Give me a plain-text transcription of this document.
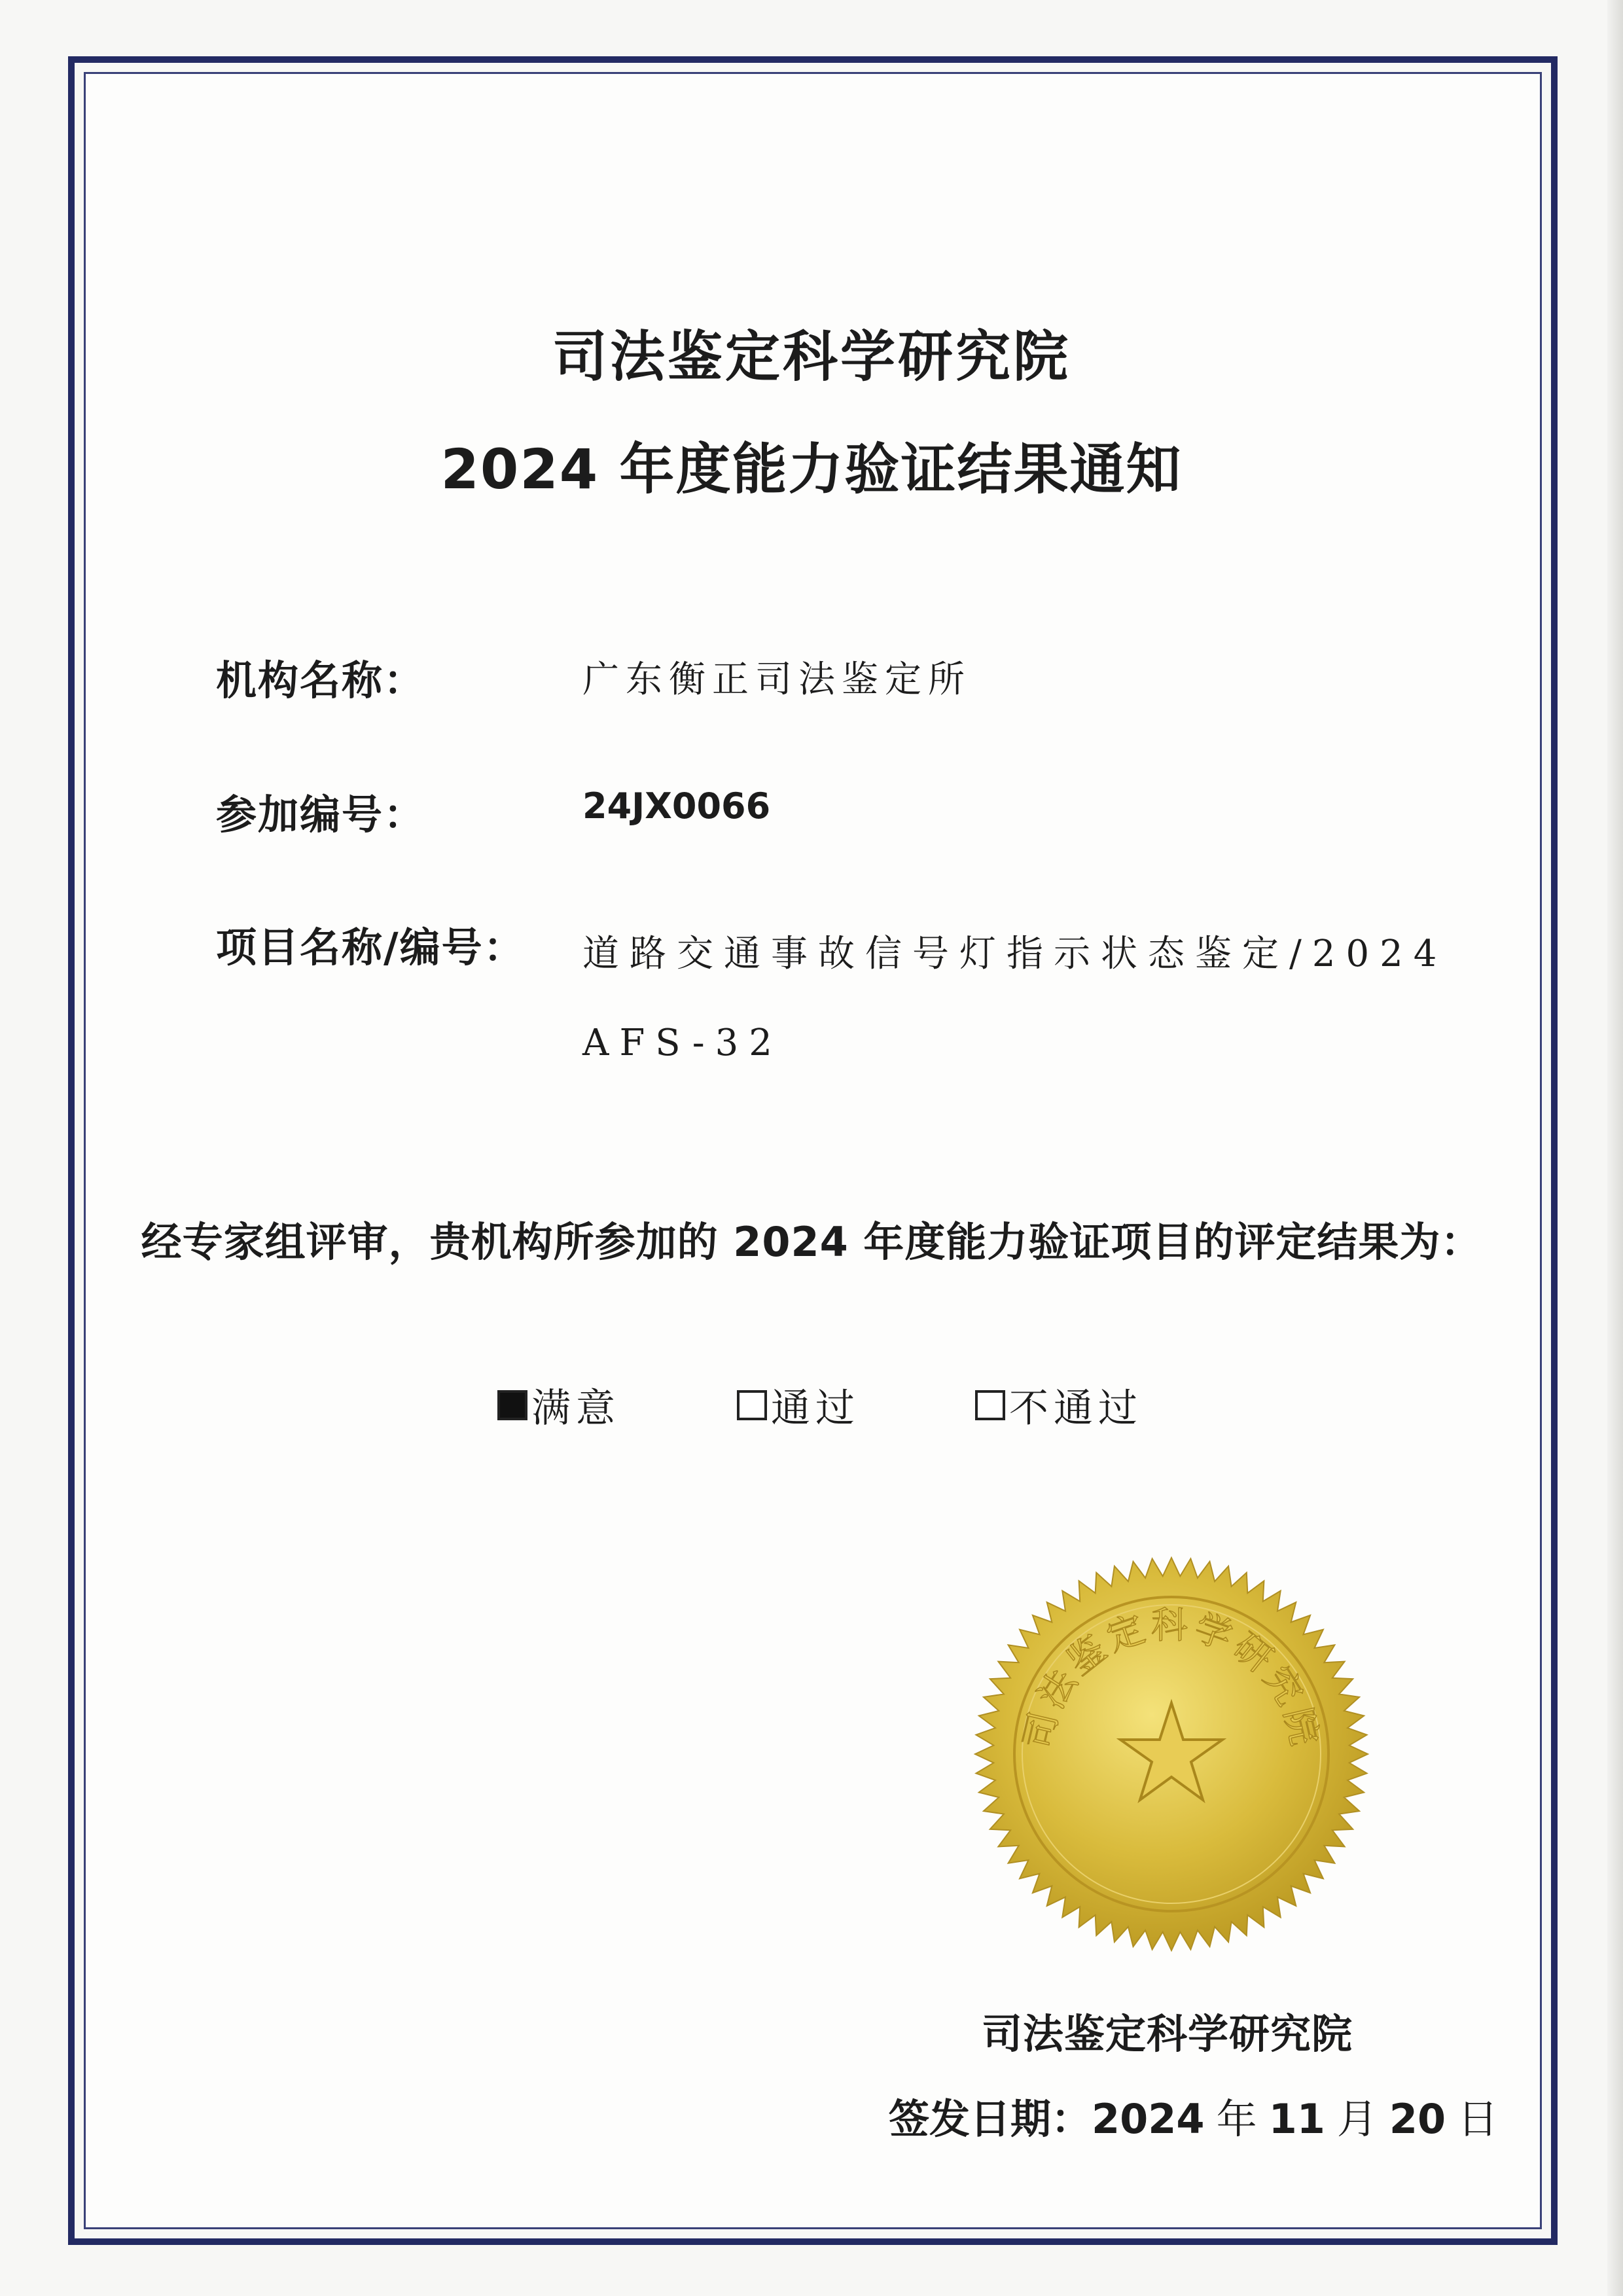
司法鉴定科学研究院
2024 年度能力验证结果通知
机构名称：	广东衡正司法鉴定所
参加编号：	24JX0066
项目名称/编号： 道路交通事故信号灯指示状态鉴定/2024 AFS-32
经专家组评审，贵机构所参加的 2024 年度能力验证项目的评定结果为：
满意	通过	不通过
司法鉴定科学研究院
司法鉴定科学研究院
签发日期：2024 年 11 月 20 日
